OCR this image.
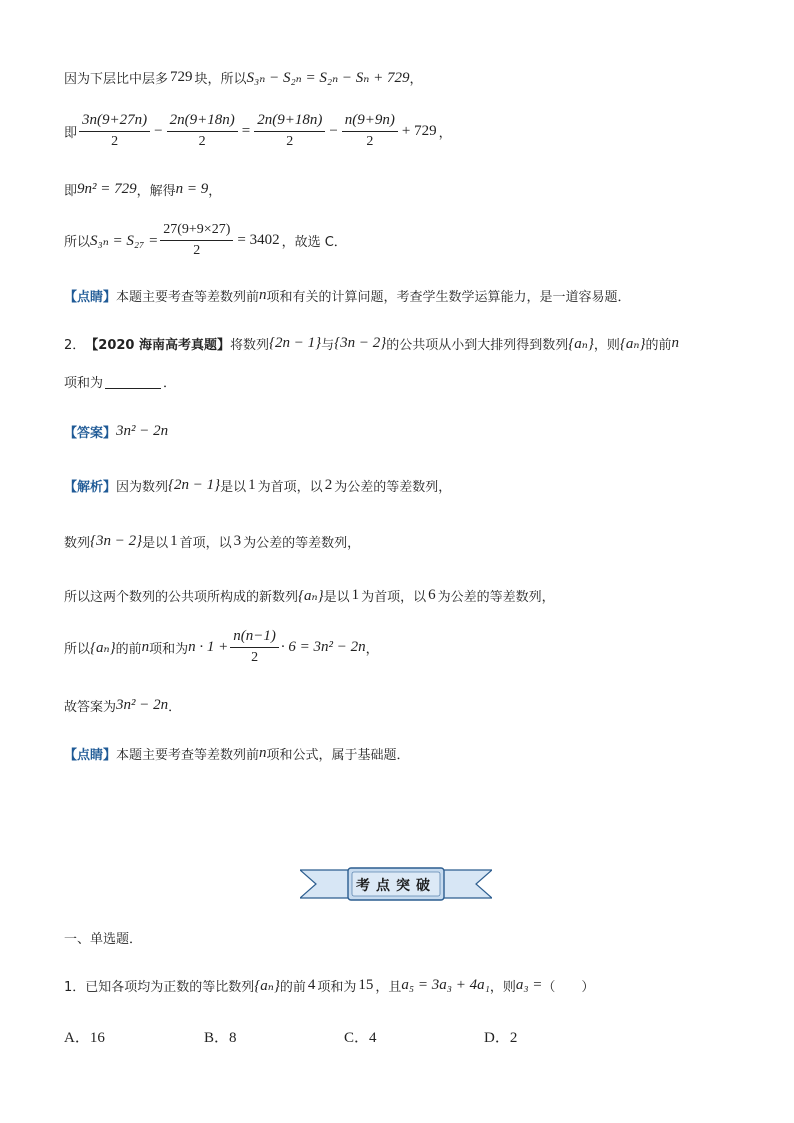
因为下层比中层多 729 块，所以 S₃ₙ − S₂ₙ = S₂ₙ − Sₙ + 729 ，
即 $\frac{3n(9+27n)}{2} - \frac{2n(9+18n)}{2} = \frac{2n(9+18n)}{2} - \frac{n(9+9n)}{2} + 729$ ，
即 9n² = 729 ，解得 n = 9 ，
所以 $S_{3n} = S_{27} = \frac{27(9+9\times 27)}{2} = 3402$ ，故选 C．
【点睛】 本题主要考查等差数列前 n 项和有关的计算问题，考查学生数学运算能力，是一道容易题．
2． 【2020 海南高考真题】 将数列 {2n − 1} 与 {3n − 2} 的公共项从小到大排列得到数列 {aₙ} ，则 {aₙ} 的前 n
项和为	．
【答案】 3n² − 2n
【解析】 因为数列 {2n − 1} 是以 1 为首项，以 2 为公差的等差数列，
数列 {3n − 2} 是以 1 首项，以 3 为公差的等差数列，
所以这两个数列的公共项所构成的新数列 {aₙ} 是以 1 为首项，以 6 为公差的等差数列，
所以 {aₙ} 的前 n 项和为 $n \cdot 1 + \frac{n(n-1)}{2} \cdot 6 = 3n^2 - 2n$ ，
故答案为 3n² − 2n ．
【点睛】 本题主要考查等差数列前 n 项和公式，属于基础题．
考点突破
一、单选题．
1． 已知各项均为正数的等比数列 {aₙ} 的前 4 项和为 15 ，且 a₅ = 3a₃ + 4a₁ ，则 a₃ = （　　）
A．16	B．8	C．4	D．2
